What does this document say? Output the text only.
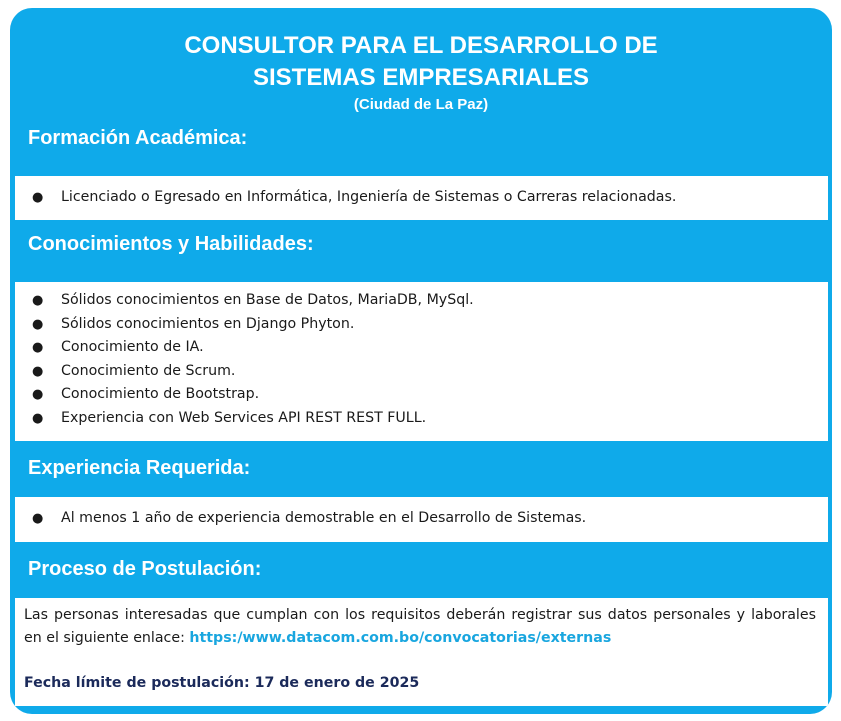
CONSULTOR PARA EL DESARROLLO DE
SISTEMAS EMPRESARIALES
(Ciudad de La Paz)
Formación Académica:
● Licenciado o Egresado en Informática, Ingeniería de Sistemas o Carreras relacionadas.
Conocimientos y Habilidades:
● Sólidos conocimientos en Base de Datos, MariaDB, MySql.
● Sólidos conocimientos en Django Phyton.
● Conocimiento de IA.
● Conocimiento de Scrum.
● Conocimiento de Bootstrap.
● Experiencia con Web Services API REST REST FULL.
Experiencia Requerida:
● Al menos 1 año de experiencia demostrable en el Desarrollo de Sistemas.
Proceso de Postulación:
Las personas interesadas que cumplan con los requisitos deberán registrar sus datos personales y laborales en el siguiente enlace: https:/www.datacom.com.bo/convocatorias/externas
Fecha límite de postulación: 17 de enero de 2025
